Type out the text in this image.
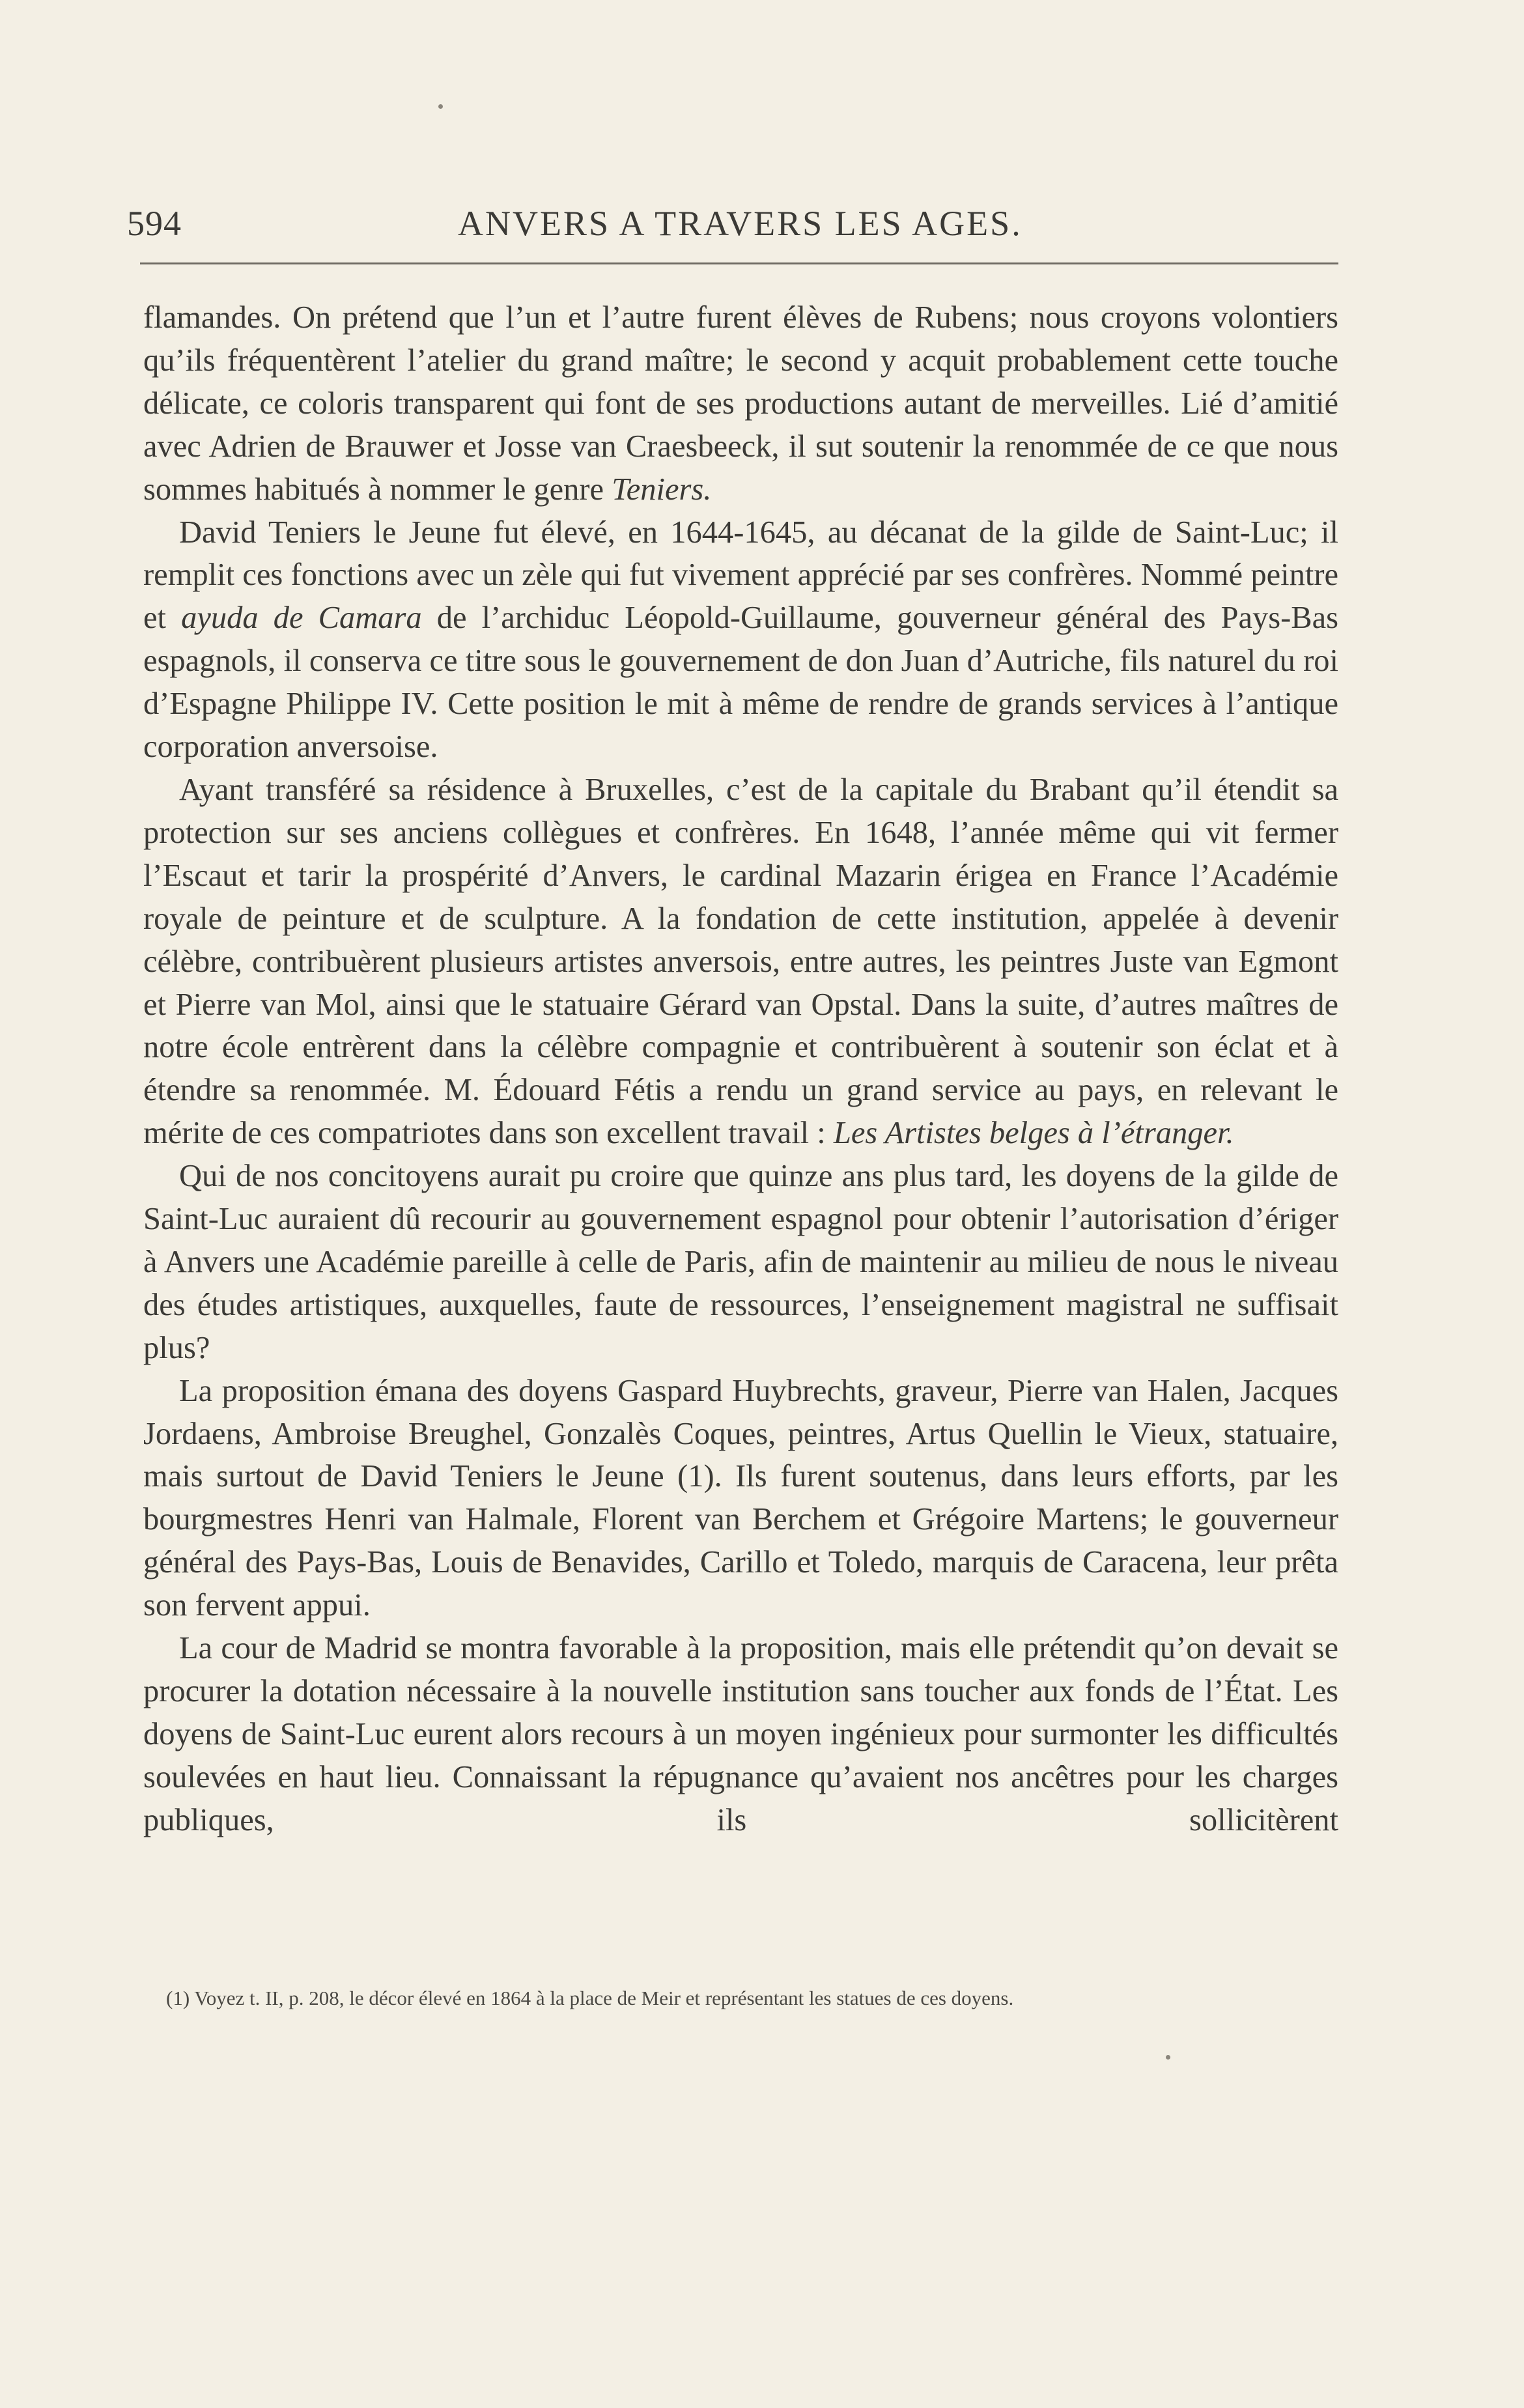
594	ANVERS A TRAVERS LES AGES.

flamandes. On prétend que l’un et l’autre furent élèves de Rubens; nous croyons volontiers qu’ils fréquentèrent l’atelier du grand maître; le second y acquit probablement cette touche délicate, ce coloris transparent qui font de ses productions autant de merveilles. Lié d’amitié avec Adrien de Brauwer et Josse van Craesbeeck, il sut soutenir la renommée de ce que nous sommes habitués à nommer le genre Teniers.

David Teniers le Jeune fut élevé, en 1644-1645, au décanat de la gilde de Saint-Luc; il remplit ces fonctions avec un zèle qui fut vivement apprécié par ses confrères. Nommé peintre et ayuda de Camara de l’archiduc Léopold-Guillaume, gouverneur général des Pays-Bas espagnols, il conserva ce titre sous le gouvernement de don Juan d’Autriche, fils naturel du roi d’Espagne Philippe IV. Cette position le mit à même de rendre de grands services à l’antique corporation anversoise.

Ayant transféré sa résidence à Bruxelles, c’est de la capitale du Brabant qu’il étendit sa protection sur ses anciens collègues et confrères. En 1648, l’année même qui vit fermer l’Escaut et tarir la prospérité d’Anvers, le cardinal Mazarin érigea en France l’Académie royale de peinture et de sculpture. A la fondation de cette institution, appelée à devenir célèbre, contribuèrent plusieurs artistes anversois, entre autres, les peintres Juste van Egmont et Pierre van Mol, ainsi que le statuaire Gérard van Opstal. Dans la suite, d’autres maîtres de notre école entrèrent dans la célèbre compagnie et contribuèrent à soutenir son éclat et à étendre sa renommée. M. Édouard Fétis a rendu un grand service au pays, en relevant le mérite de ces compatriotes dans son excellent travail : Les Artistes belges à l’étranger.

Qui de nos concitoyens aurait pu croire que quinze ans plus tard, les doyens de la gilde de Saint-Luc auraient dû recourir au gouvernement espagnol pour obtenir l’autorisation d’ériger à Anvers une Académie pareille à celle de Paris, afin de maintenir au milieu de nous le niveau des études artistiques, auxquelles, faute de ressources, l’enseignement magistral ne suffisait plus?

La proposition émana des doyens Gaspard Huybrechts, graveur, Pierre van Halen, Jacques Jordaens, Ambroise Breughel, Gonzalès Coques, peintres, Artus Quellin le Vieux, statuaire, mais surtout de David Teniers le Jeune (1). Ils furent soutenus, dans leurs efforts, par les bourgmestres Henri van Halmale, Florent van Berchem et Grégoire Martens; le gouverneur général des Pays-Bas, Louis de Benavides, Carillo et Toledo, marquis de Caracena, leur prêta son fervent appui.

La cour de Madrid se montra favorable à la proposition, mais elle prétendit qu’on devait se procurer la dotation nécessaire à la nouvelle institution sans toucher aux fonds de l’État. Les doyens de Saint-Luc eurent alors recours à un moyen ingénieux pour surmonter les difficultés soulevées en haut lieu. Connaissant la répugnance qu’avaient nos ancêtres pour les charges publiques, ils sollicitèrent

(1) Voyez t. II, p. 208, le décor élevé en 1864 à la place de Meir et représentant les statues de ces doyens.
